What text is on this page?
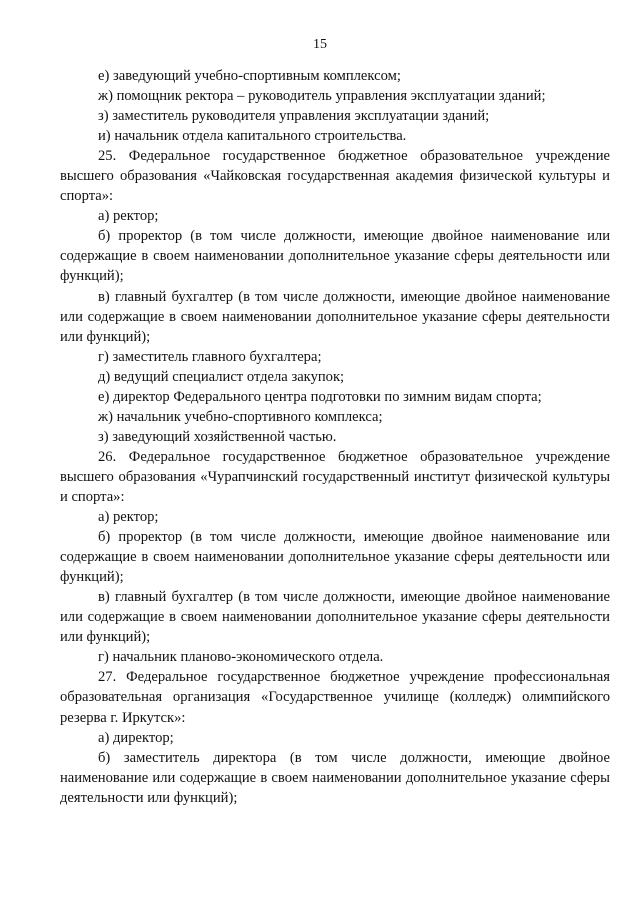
15

е) заведующий учебно-спортивным комплексом;

ж) помощник ректора – руководитель управления эксплуатации зданий;

з) заместитель руководителя управления эксплуатации зданий;

и) начальник отдела капитального строительства.

25. Федеральное государственное бюджетное образовательное учреждение высшего образования «Чайковская государственная академия физической культуры и спорта»:

а) ректор;

б) проректор (в том числе должности, имеющие двойное наименование или содержащие в своем наименовании дополнительное указание сферы деятельности или функций);

в) главный бухгалтер (в том числе должности, имеющие двойное наименование или содержащие в своем наименовании дополнительное указание сферы деятельности или функций);

г) заместитель главного бухгалтера;

д) ведущий специалист отдела закупок;

е) директор Федерального центра подготовки по зимним видам спорта;

ж) начальник учебно-спортивного комплекса;

з) заведующий хозяйственной частью.

26. Федеральное государственное бюджетное образовательное учреждение высшего образования «Чурапчинский государственный институт физической культуры и спорта»:

а) ректор;

б) проректор (в том числе должности, имеющие двойное наименование или содержащие в своем наименовании дополнительное указание сферы деятельности или функций);

в) главный бухгалтер (в том числе должности, имеющие двойное наименование или содержащие в своем наименовании дополнительное указание сферы деятельности или функций);

г) начальник планово-экономического отдела.

27. Федеральное государственное бюджетное учреждение профессиональная образовательная организация «Государственное училище (колледж) олимпийского резерва г. Иркутск»:

а) директор;

б) заместитель директора (в том числе должности, имеющие двойное наименование или содержащие в своем наименовании дополнительное указание сферы деятельности или функций);
